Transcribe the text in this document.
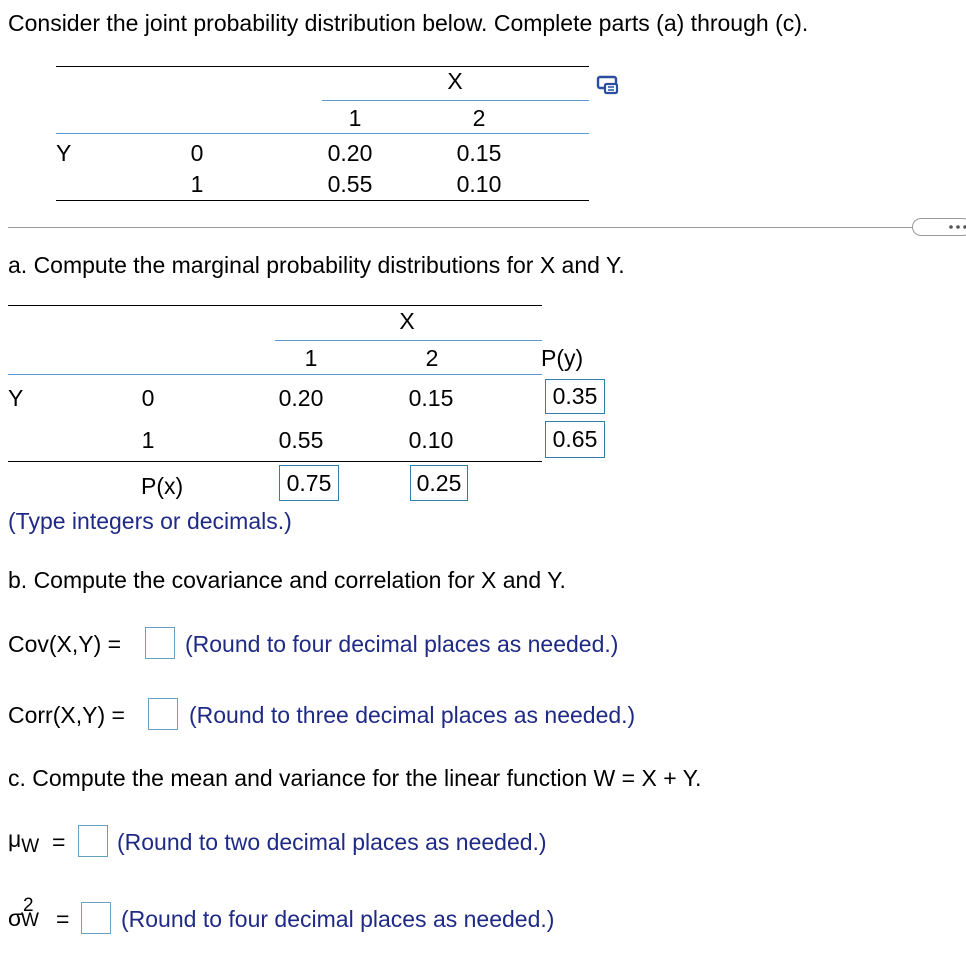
Consider the joint probability distribution below. Complete parts (a) through (c).
X
1	2
Y	0	0.20	0.15
1	0.55	0.10
a. Compute the marginal probability distributions for X and Y.
X
1	2	P(y)
Y	0	0.20	0.15	0.35
1	0.55	0.10	0.65
P(x)	0.75	0.25
(Type integers or decimals.)
b. Compute the covariance and correlation for X and Y.
Cov(X,Y) =	(Round to four decimal places as needed.)
Corr(X,Y) =	(Round to three decimal places as needed.)
c. Compute the mean and variance for the linear function W = X + Y.
$\mu_W$ = (Round to two decimal places as needed.)
σ 2
W = (Round to four decimal places as needed.)
